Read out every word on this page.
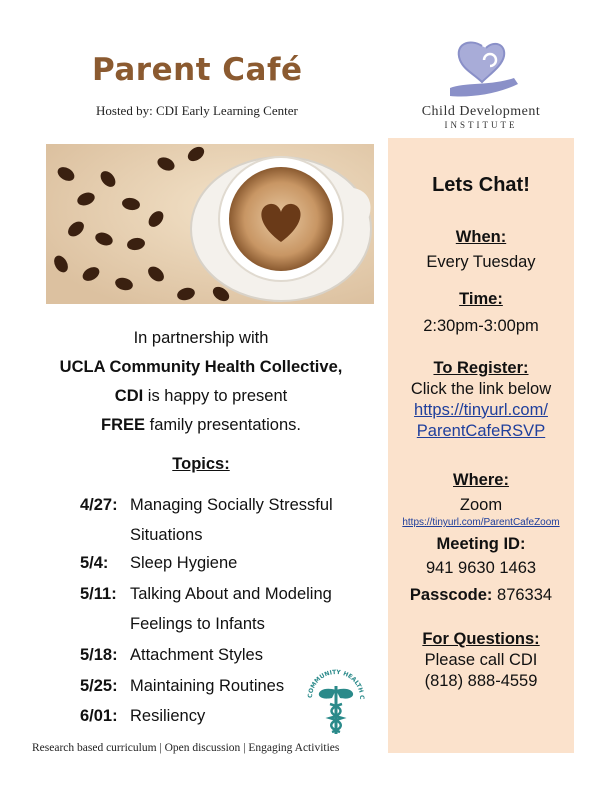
Parent Café
Hosted by: CDI Early Learning Center	Child Development
INSTITUTE
In partnership with
UCLA Community Health Collective,
CDI is happy to present
FREE family presentations.
Topics:
4/27: Managing Socially Stressful
Situations
5/4: Sleep Hygiene
5/11: Talking About and Modeling
Feelings to Infants
5/18: Attachment Styles
5/25: Maintaining Routines
6/01: Resiliency
COMMUNITY HEALTH C
Research based curriculum | Open discussion | Engaging Activities
Lets Chat!
When:
Every Tuesday
Time:
2:30pm-3:00pm
To Register:
Click the link below
https://tinyurl.com/
ParentCafeRSVP
Where:
Zoom
https://tinyurl.com/ParentCafeZoom
Meeting ID:
941 9630 1463
Passcode: 876334
For Questions:
Please call CDI
(818) 888-4559
